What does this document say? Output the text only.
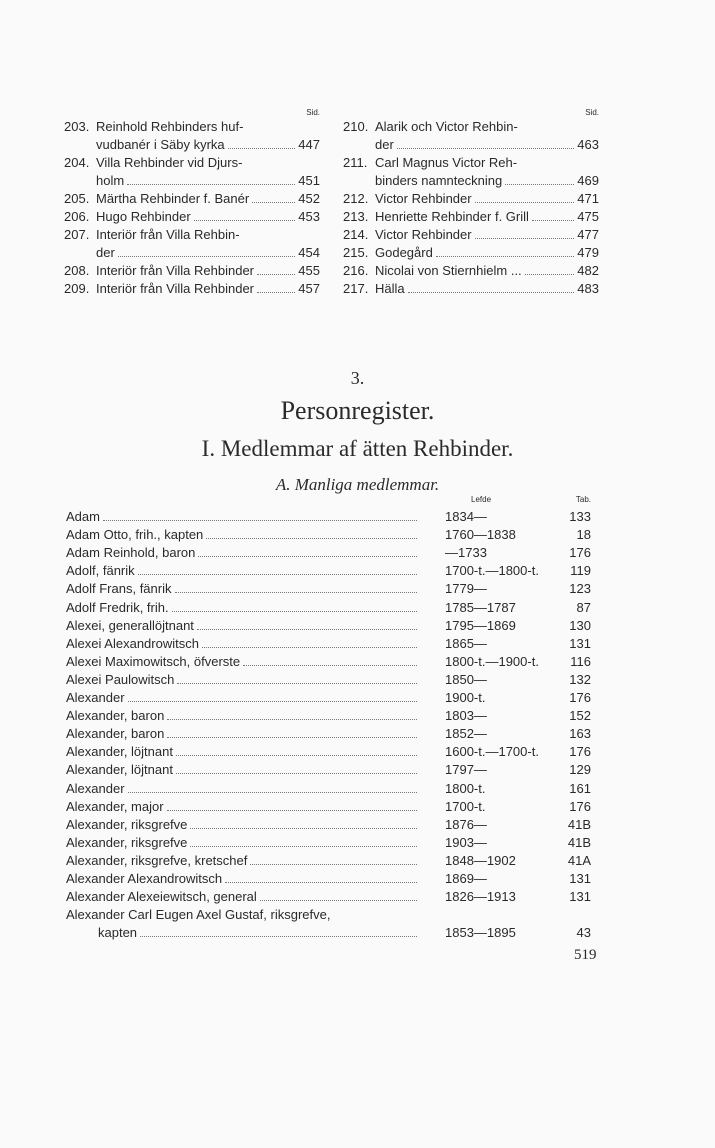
Sid.
203. Reinhold Rehbinders huf-
vudbanér i Säby kyrka	447
204. Villa Rehbinder vid Djurs-
holm	451
205. Märtha Rehbinder f. Banér	452
206. Hugo Rehbinder	453
207. Interiör från Villa Rehbin-
der	454
208. Interiör från Villa Rehbinder	455
209. Interiör från Villa Rehbinder	457
Sid.
210. Alarik och Victor Rehbin-
der	463
211. Carl Magnus Victor Reh-
binders namnteckning	469
212. Victor Rehbinder	471
213. Henriette Rehbinder f. Grill	475
214. Victor Rehbinder	477
215. Godegård	479
216. Nicolai von Stiernhielm ...	482
217. Hälla	483
3.
Personregister.
I. Medlemmar af ätten Rehbinder.
A. Manliga medlemmar.
Lefde	Tab.
Adam	1834—	133
Adam Otto, frih., kapten	1760—1838	18
Adam Reinhold, baron	—1733	176
Adolf, fänrik	1700-t.—1800-t. 119
Adolf Frans, fänrik	1779—	123
Adolf Fredrik, frih.	1785—1787	87
Alexei, generallöjtnant	1795—1869	130
Alexei Alexandrowitsch	1865—	131
Alexei Maximowitsch, öfverste	1800-t.—1900-t. 116
Alexei Paulowitsch	1850—	132
Alexander	1900-t.	176
Alexander, baron	1803—	152
Alexander, baron	1852—	163
Alexander, löjtnant	1600-t.—1700-t. 176
Alexander, löjtnant	1797—	129
Alexander	1800-t.	161
Alexander, major	1700-t.	176
Alexander, riksgrefve	1876—	41B
Alexander, riksgrefve	1903—	41B
Alexander, riksgrefve, kretschef	1848—1902	41A
Alexander Alexandrowitsch	1869—	131
Alexander Alexeiewitsch, general	1826—1913	131
Alexander Carl Eugen Axel Gustaf, riksgrefve,
kapten	1853—1895	43
519
